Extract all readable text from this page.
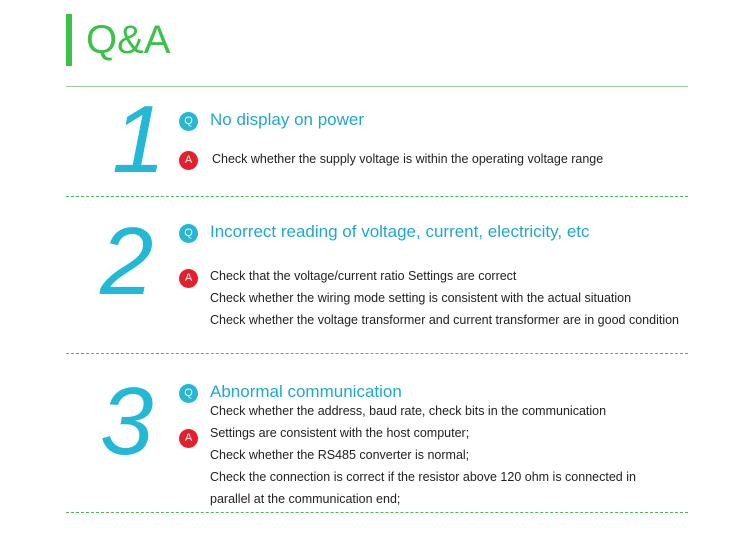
Q&A
1	Q	No display on power
A	Check whether the supply voltage is within the operating voltage range
2	Q	Incorrect reading of voltage, current, electricity, etc
A	Check that the voltage/current ratio Settings are correct
Check whether the wiring mode setting is consistent with the actual situation
Check whether the voltage transformer and current transformer are in good condition
3	Q	Abnormal communication
A
Check whether the address, baud rate, check bits in the communication
Settings are consistent with the host computer;
Check whether the RS485 converter is normal;
Check the connection is correct if the resistor above 120 ohm is connected in
parallel at the communication end;
